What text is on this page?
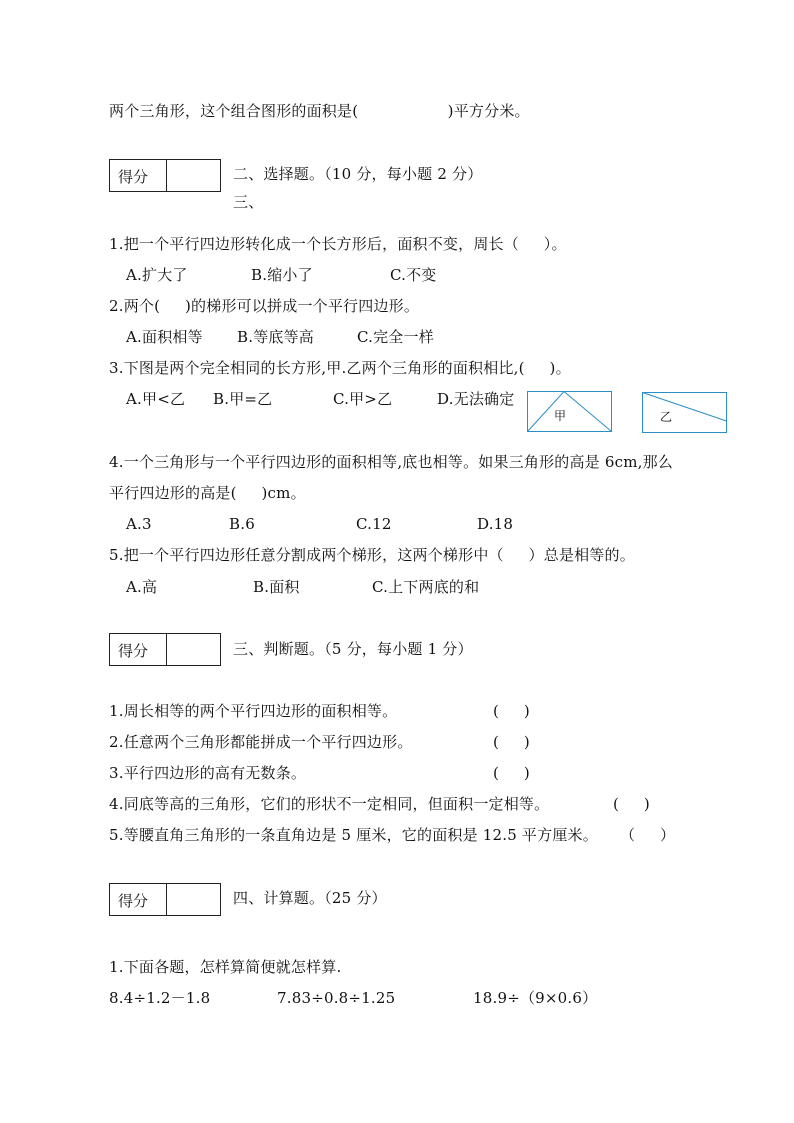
两个三角形，这个组合图形的面积是(                  )平方分米。
得分	二、选择题。（10 分，每小题 2 分）
三、
1.把一个平行四边形转化成一个长方形后，面积不变，周长（     ）。
A.扩大了	B.缩小了	C.不变
2.两个(     )的梯形可以拼成一个平行四边形。
A.面积相等 B.等底等高	C.完全一样
3.下图是两个完全相同的长方形,甲.乙两个三角形的面积相比,(     )。
A.甲<乙 B.甲=乙	C.甲>乙	D.无法确定
甲	乙
4.一个三角形与一个平行四边形的面积相等,底也相等。如果三角形的高是 6cm,那么
平行四边形的高是(     )cm。
A.3	B.6	C.12	D.18
5.把一个平行四边形任意分割成两个梯形，这两个梯形中（     ）总是相等的。
A.高	B.面积	C.上下两底的和
得分	三、判断题。（5 分，每小题 1 分）
1.周长相等的两个平行四边形的面积相等。	(     )
2.任意两个三角形都能拼成一个平行四边形。	(     )
3.平行四边形的高有无数条。	(     )
4.同底等高的三角形，它们的形状不一定相同，但面积一定相等。	(     )
5.等腰直角三角形的一条直角边是 5 厘米，它的面积是 12.5 平方厘米。 （     ）
得分	四、计算题。（25 分）
1.下面各题，怎样算简便就怎样算.
8.4÷1.2－1.8	7.83÷0.8÷1.25	18.9÷（9×0.6）
